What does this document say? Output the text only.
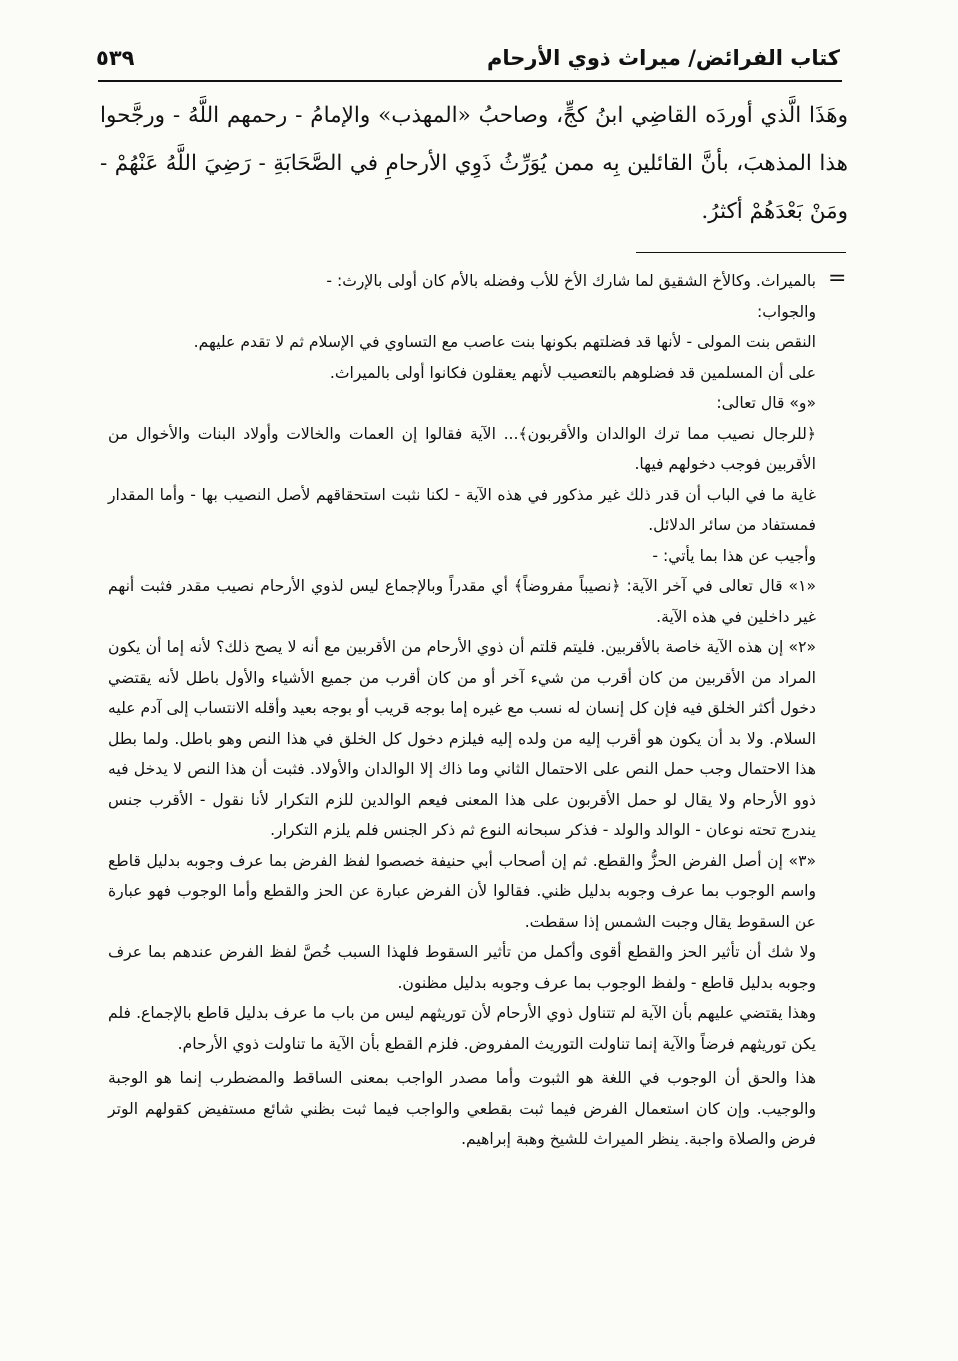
كتاب الفرائض/ ميراث ذوي الأرحام
٥٣٩

وهَذَا الَّذي أوردَه القاضِي ابنُ كجٍّ، وصاحبُ «المهذب» والإمامُ - رحمهم اللَّهُ - ورجَّحوا هذا المذهبَ، بأنَّ القائلين بِه ممن يُوَرِّثُ ذَوِي الأرحامِ في الصَّحَابَةِ - رَضِيَ اللَّهُ عَنْهُمْ - ومَنْ بَعْدَهُمْ أكثرُ.

=

بالميراث. وكالأخ الشقيق لما شارك الأخ للأب وفضله بالأم كان أولى بالإرث: -

والجواب:

النقص بنت المولى - لأنها قد فضلتهم بكونها بنت عاصب مع التساوي في الإسلام ثم لا تقدم عليهم.

على أن المسلمين قد فضلوهم بالتعصيب لأنهم يعقلون فكانوا أولى بالميراث.

«و» قال تعالى:

﴿للرجال نصيب مما ترك الوالدان والأقربون﴾... الآية فقالوا إن العمات والخالات وأولاد البنات والأخوال من الأقربين فوجب دخولهم فيها.

غاية ما في الباب أن قدر ذلك غير مذكور في هذه الآية - لكنا نثبت استحقاقهم لأصل النصيب بها - وأما المقدار فمستفاد من سائر الدلائل.

وأجيب عن هذا بما يأتي: -

«١» قال تعالى في آخر الآية: ﴿نصيباً مفروضاً﴾ أي مقدراً وبالإجماع ليس لذوي الأرحام نصيب مقدر فثبت أنهم غير داخلين في هذه الآية.

«٢» إن هذه الآية خاصة بالأقربين. فليتم قلتم أن ذوي الأرحام من الأقربين مع أنه لا يصح ذلك؟ لأنه إما أن يكون المراد من الأقربين من كان أقرب من شيء آخر أو من كان أقرب من جميع الأشياء والأول باطل لأنه يقتضي دخول أكثر الخلق فيه فإن كل إنسان له نسب مع غيره إما بوجه قريب أو بوجه بعيد وأقله الانتساب إلى آدم عليه السلام. ولا بد أن يكون هو أقرب إليه من ولده إليه فيلزم دخول كل الخلق في هذا النص وهو باطل. ولما بطل هذا الاحتمال وجب حمل النص على الاحتمال الثاني وما ذاك إلا الوالدان والأولاد. فثبت أن هذا النص لا يدخل فيه ذوو الأرحام ولا يقال لو حمل الأقربون على هذا المعنى فيعم الوالدين للزم التكرار لأنا نقول - الأقرب جنس يندرج تحته نوعان - الوالد والولد - فذكر سبحانه النوع ثم ذكر الجنس فلم يلزم التكرار.

«٣» إن أصل الفرض الحزُّ والقطع. ثم إن أصحاب أبي حنيفة خصصوا لفظ الفرض بما عرف وجوبه بدليل قاطع واسم الوجوب بما عرف وجوبه بدليل ظني. فقالوا لأن الفرض عبارة عن الحز والقطع وأما الوجوب فهو عبارة عن السقوط يقال وجبت الشمس إذا سقطت.

ولا شك أن تأثير الحز والقطع أقوى وأكمل من تأثير السقوط فلهذا السبب خُصَّ لفظ الفرض عندهم بما عرف وجوبه بدليل قاطع - ولفظ الوجوب بما عرف وجوبه بدليل مظنون.

وهذا يقتضي عليهم بأن الآية لم تتناول ذوي الأرحام لأن توريثهم ليس من باب ما عرف بدليل قاطع بالإجماع. فلم يكن توريثهم فرضاً والآية إنما تناولت التوريث المفروض. فلزم القطع بأن الآية ما تناولت ذوي الأرحام.

هذا والحق أن الوجوب في اللغة هو الثبوت وأما مصدر الواجب بمعنى الساقط والمضطرب إنما هو الوجبة والوجيب. وإن كان استعمال الفرض فيما ثبت بقطعي والواجب فيما ثبت بظني شائع مستفيض كقولهم الوتر فرض والصلاة واجبة. ينظر الميراث للشيخ وهبة إبراهيم.
